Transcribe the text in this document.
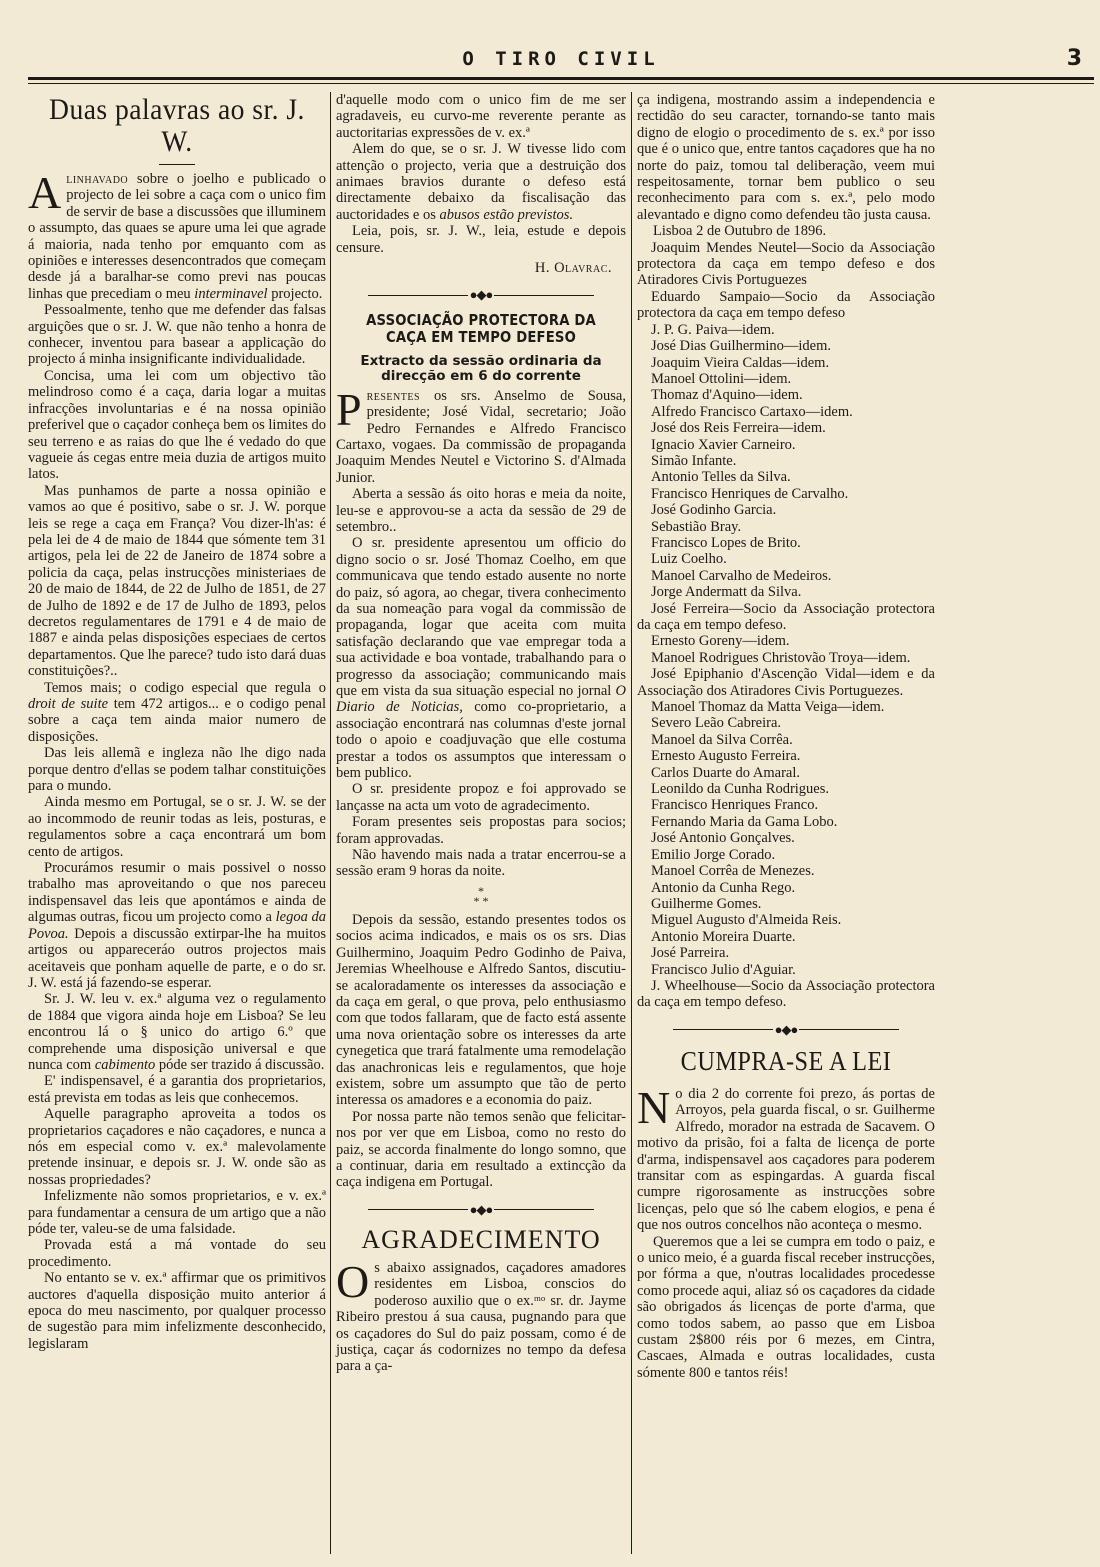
O TIRO CIVIL	3
Duas palavras ao sr. J. W.

Alinhavado sobre o joelho e publicado o projecto de lei sobre a caça com o unico fim de servir de base a discussões que illuminem o assumpto, das quaes se apure uma lei que agrade á maioria, nada tenho por emquanto com as opiniões e interesses desencontrados que começam desde já a baralhar-se como previ nas poucas linhas que precediam o meu interminavel projecto.

Pessoalmente, tenho que me defender das falsas arguições que o sr. J. W. que não tenho a honra de conhecer, inventou para basear a applicação do projecto á minha insignificante individualidade.

Concisa, uma lei com um objectivo tão melindroso como é a caça, daria logar a muitas infracções involuntarias e é na nossa opinião preferivel que o caçador conheça bem os limites do seu terreno e as raias do que lhe é vedado do que vagueie ás cegas entre meia duzia de artigos muito latos.

Mas punhamos de parte a nossa opinião e vamos ao que é positivo, sabe o sr. J. W. porque leis se rege a caça em França? Vou dizer-lh'as: é pela lei de 4 de maio de 1844 que sómente tem 31 artigos, pela lei de 22 de Janeiro de 1874 sobre a policia da caça, pelas instrucções ministeriaes de 20 de maio de 1844, de 22 de Julho de 1851, de 27 de Julho de 1892 e de 17 de Julho de 1893, pelos decretos regulamentares de 1791 e 4 de maio de 1887 e ainda pelas disposições especiaes de certos departamentos. Que lhe parece? tudo isto dará duas constituições?..

Temos mais; o codigo especial que regula o droit de suite tem 472 artigos... e o codigo penal sobre a caça tem ainda maior numero de disposições.

Das leis allemã e ingleza não lhe digo nada porque dentro d'ellas se podem talhar constituições para o mundo.

Ainda mesmo em Portugal, se o sr. J. W. se der ao incommodo de reunir todas as leis, posturas, e regulamentos sobre a caça encontrará um bom cento de artigos.

Procurámos resumir o mais possivel o nosso trabalho mas aproveitando o que nos pareceu indispensavel das leis que apontámos e ainda de algumas outras, ficou um projecto como a legoa da Povoa. Depois a discussão extirpar-lhe ha muitos artigos ou appareceráo outros projectos mais aceitaveis que ponham aquelle de parte, e o do sr. J. W. está já fazendo-se esperar.

Sr. J. W. leu v. ex.ª alguma vez o regulamento de 1884 que vigora ainda hoje em Lisboa? Se leu encontrou lá o § unico do artigo 6.º que comprehende uma disposição universal e que nunca com cabimento póde ser trazido á discussão.

E' indispensavel, é a garantia dos proprietarios, está prevista em todas as leis que conhecemos.

Aquelle paragrapho aproveita a todos os proprietarios caçadores e não caçadores, e nunca a nós em especial como v. ex.ª malevolamente pretende insinuar, e depois sr. J. W. onde são as nossas propriedades?

Infelizmente não somos proprietarios, e v. ex.ª para fundamentar a censura de um artigo que a não póde ter, valeu-se de uma falsidade.

Provada está a má vontade do seu procedimento.

No entanto se v. ex.ª affirmar que os primitivos auctores d'aquella disposição muito anterior á epoca do meu nascimento, por qualquer processo de sugestão para mim infelizmente desconhecido, legislaram

d'aquelle modo com o unico fim de me ser agradaveis, eu curvo-me reverente perante as auctoritarias expressões de v. ex.ª

Alem do que, se o sr. J. W tivesse lido com attenção o projecto, veria que a destruição dos animaes bravios durante o defeso está directamente debaixo da fiscalisação das auctoridades e os abusos estão previstos.

Leia, pois, sr. J. W., leia, estude e depois censure.

H. Olavrac.

●◆●
ASSOCIAÇÃO PROTECTORA DA CAÇA EM TEMPO DEFESO
Extracto da sessão ordinaria da direcção em 6 do corrente

Presentes os srs. Anselmo de Sousa, presidente; José Vidal, secretario; João Pedro Fernandes e Alfredo Francisco Cartaxo, vogaes. Da commissão de propaganda Joaquim Mendes Neutel e Victorino S. d'Almada Junior.

Aberta a sessão ás oito horas e meia da noite, leu-se e approvou-se a acta da sessão de 29 de setembro..

O sr. presidente apresentou um officio do digno socio o sr. José Thomaz Coelho, em que communicava que tendo estado ausente no norte do paiz, só agora, ao chegar, tivera conhecimento da sua nomeação para vogal da commissão de propaganda, logar que aceita com muita satisfação declarando que vae empregar toda a sua actividade e boa vontade, trabalhando para o progresso da associação; communicando mais que em vista da sua situação especial no jornal O Diario de Noticias, como co-proprietario, a associação encontrará nas columnas d'este jornal todo o apoio e coadjuvação que elle costuma prestar a todos os assumptos que interessam o bem publico.

O sr. presidente propoz e foi approvado se lançasse na acta um voto de agradecimento.

Foram presentes seis propostas para socios; foram approvadas.

Não havendo mais nada a tratar encerrou-se a sessão eram 9 horas da noite.

*
* *

Depois da sessão, estando presentes todos os socios acima indicados, e mais os os srs. Dias Guilhermino, Joaquim Pedro Godinho de Paiva, Jeremias Wheelhouse e Alfredo Santos, discutiu-se acaloradamente os interesses da associação e da caça em geral, o que prova, pelo enthusiasmo com que todos fallaram, que de facto está assente uma nova orientação sobre os interesses da arte cynegetica que trará fatalmente uma remodelação das anachronicas leis e regulamentos, que hoje existem, sobre um assumpto que tão de perto interessa os amadores e a economia do paiz.

Por nossa parte não temos senão que felicitar-nos por ver que em Lisboa, como no resto do paiz, se accorda finalmente do longo somno, que a continuar, daria em resultado a extincção da caça indigena em Portugal.

●◆●
AGRADECIMENTO

Os abaixo assignados, caçadores amadores residentes em Lisboa, conscios do poderoso auxilio que o ex.ᵐᵒ sr. dr. Jayme Ribeiro prestou á sua causa, pugnando para que os caçadores do Sul do paiz possam, como é de justiça, caçar ás codornizes no tempo da defesa para a ça-

ça indigena, mostrando assim a independencia e rectidão do seu caracter, tornando-se tanto mais digno de elogio o procedimento de s. ex.ª por isso que é o unico que, entre tantos caçadores que ha no norte do paiz, tomou tal deliberação, veem mui respeitosamente, tornar bem publico o seu reconhecimento para com s. ex.ª, pelo modo alevantado e digno como defendeu tão justa causa.

Lisboa 2 de Outubro de 1896.

Joaquim Mendes Neutel—Socio da Associação protectora da caça em tempo defeso e dos Atiradores Civis Portuguezes

Eduardo Sampaio—Socio da Associação protectora da caça em tempo defeso

J. P. G. Paiva—idem.

José Dias Guilhermino—idem.

Joaquim Vieira Caldas—idem.

Manoel Ottolini—idem.

Thomaz d'Aquino—idem.

Alfredo Francisco Cartaxo—idem.

José dos Reis Ferreira—idem.

Ignacio Xavier Carneiro.

Simão Infante.

Antonio Telles da Silva.

Francisco Henriques de Carvalho.

José Godinho Garcia.

Sebastião Bray.

Francisco Lopes de Brito.

Luiz Coelho.

Manoel Carvalho de Medeiros.

Jorge Andermatt da Silva.

José Ferreira—Socio da Associação protectora da caça em tempo defeso.

Ernesto Goreny—idem.

Manoel Rodrigues Christovão Troya—idem.

José Epiphanio d'Ascenção Vidal—idem e da Associação dos Atiradores Civis Portuguezes.

Manoel Thomaz da Matta Veiga—idem.

Severo Leão Cabreira.

Manoel da Silva Corrêa.

Ernesto Augusto Ferreira.

Carlos Duarte do Amaral.

Leonildo da Cunha Rodrigues.

Francisco Henriques Franco.

Fernando Maria da Gama Lobo.

José Antonio Gonçalves.

Emilio Jorge Corado.

Manoel Corrêa de Menezes.

Antonio da Cunha Rego.

Guilherme Gomes.

Miguel Augusto d'Almeida Reis.

Antonio Moreira Duarte.

José Parreira.

Francisco Julio d'Aguiar.

J. Wheelhouse—Socio da Associação protectora da caça em tempo defeso.

●◆●
CUMPRA-SE A LEI

No dia 2 do corrente foi prezo, ás portas de Arroyos, pela guarda fiscal, o sr. Guilherme Alfredo, morador na estrada de Sacavem. O motivo da prisão, foi a falta de licença de porte d'arma, indispensavel aos caçadores para poderem transitar com as espingardas. A guarda fiscal cumpre rigorosamente as instrucções sobre licenças, pelo que só lhe cabem elogios, e pena é que nos outros concelhos não aconteça o mesmo.

Queremos que a lei se cumpra em todo o paiz, e o unico meio, é a guarda fiscal receber instrucções, por fórma a que, n'outras localidades procedesse como procede aqui, aliaz só os caçadores da cidade são obrigados ás licenças de porte d'arma, que como todos sabem, ao passo que em Lisboa custam 2$800 réis por 6 mezes, em Cintra, Cascaes, Almada e outras localidades, custa sómente 800 e tantos réis!
